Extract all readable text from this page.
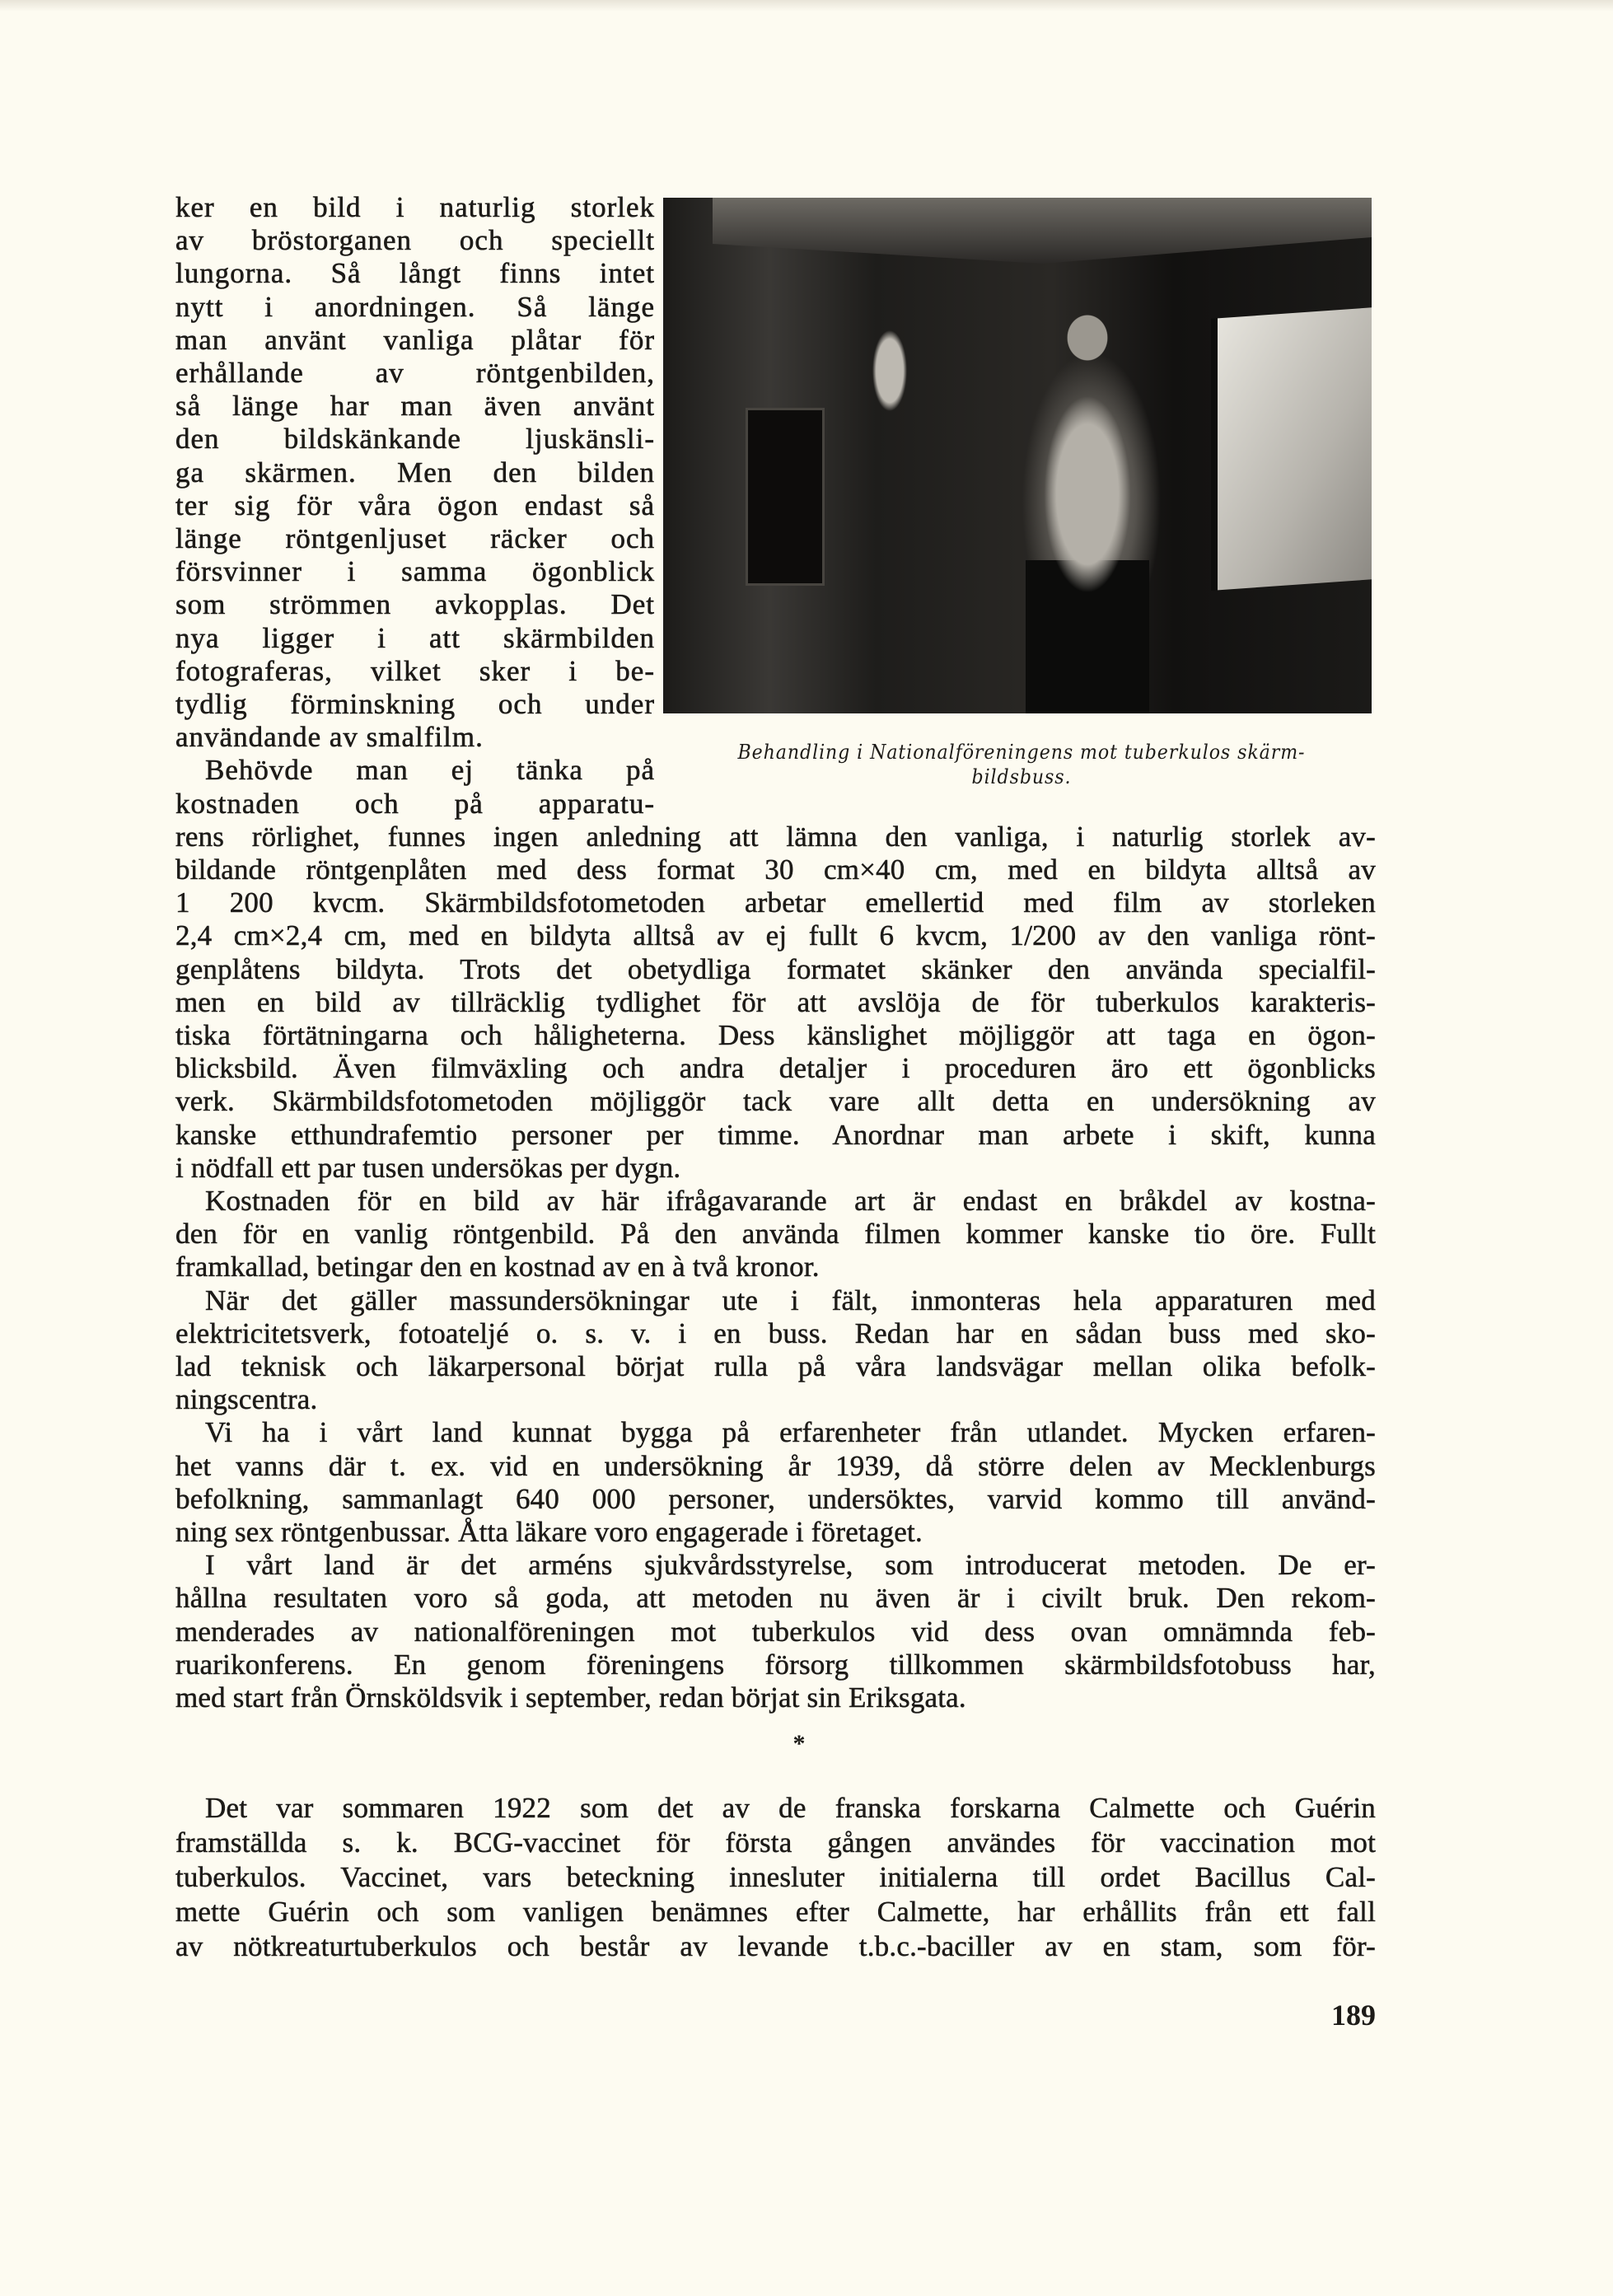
ker en bild i naturlig storlek
av bröstorganen och speciellt
lungorna. Så långt finns intet
nytt i anordningen. Så länge
man använt vanliga plåtar för
erhållande av röntgenbilden,
så länge har man även använt
den bildskänkande ljuskänsli-
ga skärmen. Men den bilden
ter sig för våra ögon endast så
länge röntgenljuset räcker och
försvinner i samma ögonblick
som strömmen avkopplas. Det
nya ligger i att skärmbilden
fotograferas, vilket sker i be-
tydlig förminskning och under
användande av smalfilm.
Behövde man ej tänka på
kostnaden och på apparatu-
rens rörlighet, funnes ingen anledning att lämna den vanliga, i naturlig storlek av-
bildande röntgenplåten med dess format 30 cm×40 cm, med en bildyta alltså av
1 200 kvcm. Skärmbildsfotometoden arbetar emellertid med film av storleken
2,4 cm×2,4 cm, med en bildyta alltså av ej fullt 6 kvcm, 1/200 av den vanliga rönt-
genplåtens bildyta. Trots det obetydliga formatet skänker den använda specialfil-
men en bild av tillräcklig tydlighet för att avslöja de för tuberkulos karakteris-
tiska förtätningarna och håligheterna. Dess känslighet möjliggör att taga en ögon-
blicksbild. Även filmväxling och andra detaljer i proceduren äro ett ögonblicks
verk. Skärmbildsfotometoden möjliggör tack vare allt detta en undersökning av
kanske etthundrafemtio personer per timme. Anordnar man arbete i skift, kunna
i nödfall ett par tusen undersökas per dygn.
Kostnaden för en bild av här ifrågavarande art är endast en bråkdel av kostna-
den för en vanlig röntgenbild. På den använda filmen kommer kanske tio öre. Fullt
framkallad, betingar den en kostnad av en à två kronor.
När det gäller massundersökningar ute i fält, inmonteras hela apparaturen med
elektricitetsverk, fotoateljé o. s. v. i en buss. Redan har en sådan buss med sko-
lad teknisk och läkarpersonal börjat rulla på våra landsvägar mellan olika befolk-
ningscentra.
Vi ha i vårt land kunnat bygga på erfarenheter från utlandet. Mycken erfaren-
het vanns där t. ex. vid en undersökning år 1939, då större delen av Mecklenburgs
befolkning, sammanlagt 640 000 personer, undersöktes, varvid kommo till använd-
ning sex röntgenbussar. Åtta läkare voro engagerade i företaget.
I vårt land är det arméns sjukvårdsstyrelse, som introducerat metoden. De er-
hållna resultaten voro så goda, att metoden nu även är i civilt bruk. Den rekom-
menderades av nationalföreningen mot tuberkulos vid dess ovan omnämnda feb-
ruarikonferens. En genom föreningens försorg tillkommen skärmbildsfotobuss har,
med start från Örnsköldsvik i september, redan börjat sin Eriksgata.
Det var sommaren 1922 som det av de franska forskarna Calmette och Guérin
framställda s. k. BCG-vaccinet för första gången användes för vaccination mot
tuberkulos. Vaccinet, vars beteckning innesluter initialerna till ordet Bacillus Cal-
mette Guérin och som vanligen benämnes efter Calmette, har erhållits från ett fall
av nötkreaturtuberkulos och består av levande t.b.c.-baciller av en stam, som för-
Behandling i Nationalföreningens mot tuberkulos skärm-
bildsbuss.
*
189
